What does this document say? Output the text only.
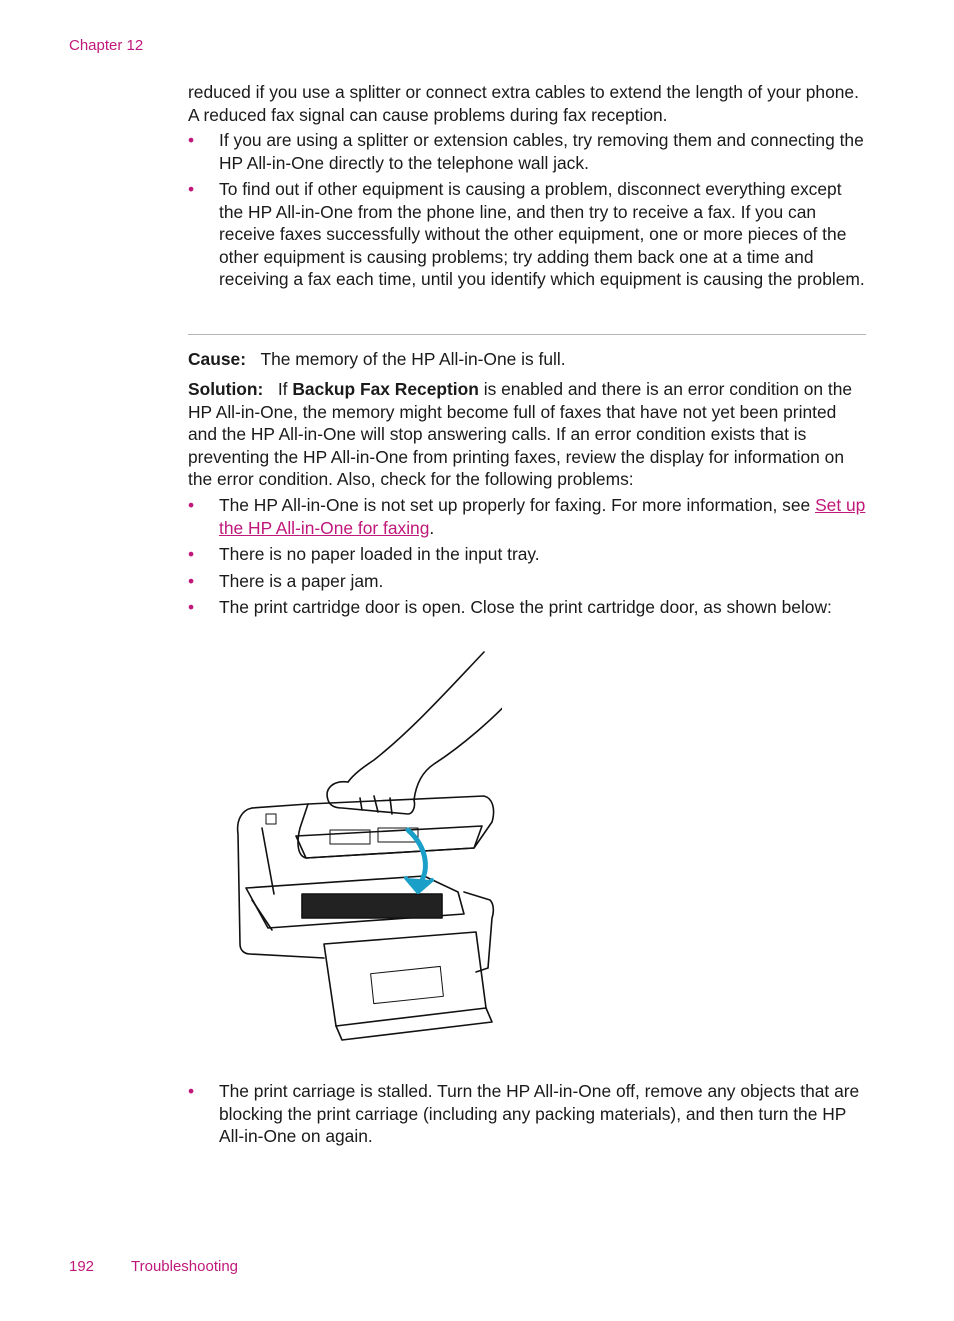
Chapter 12

reduced if you use a splitter or connect extra cables to extend the length of your phone. A reduced fax signal can cause problems during fax reception.

• If you are using a splitter or extension cables, try removing them and connecting the HP All-in-One directly to the telephone wall jack.
• To find out if other equipment is causing a problem, disconnect everything except the HP All-in-One from the phone line, and then try to receive a fax. If you can receive faxes successfully without the other equipment, one or more pieces of the other equipment is causing problems; try adding them back one at a time and receiving a fax each time, until you identify which equipment is causing the problem.

Cause: The memory of the HP All-in-One is full.

Solution: If Backup Fax Reception is enabled and there is an error condition on the HP All-in-One, the memory might become full of faxes that have not yet been printed and the HP All-in-One will stop answering calls. If an error condition exists that is preventing the HP All-in-One from printing faxes, review the display for information on the error condition. Also, check for the following problems:

• The HP All-in-One is not set up properly for faxing. For more information, see Set up the HP All-in-One for faxing.
• There is no paper loaded in the input tray.
• There is a paper jam.
• The print cartridge door is open. Close the print cartridge door, as shown below:
• The print carriage is stalled. Turn the HP All-in-One off, remove any objects that are blocking the print carriage (including any packing materials), and then turn the HP All-in-One on again.
192 Troubleshooting
